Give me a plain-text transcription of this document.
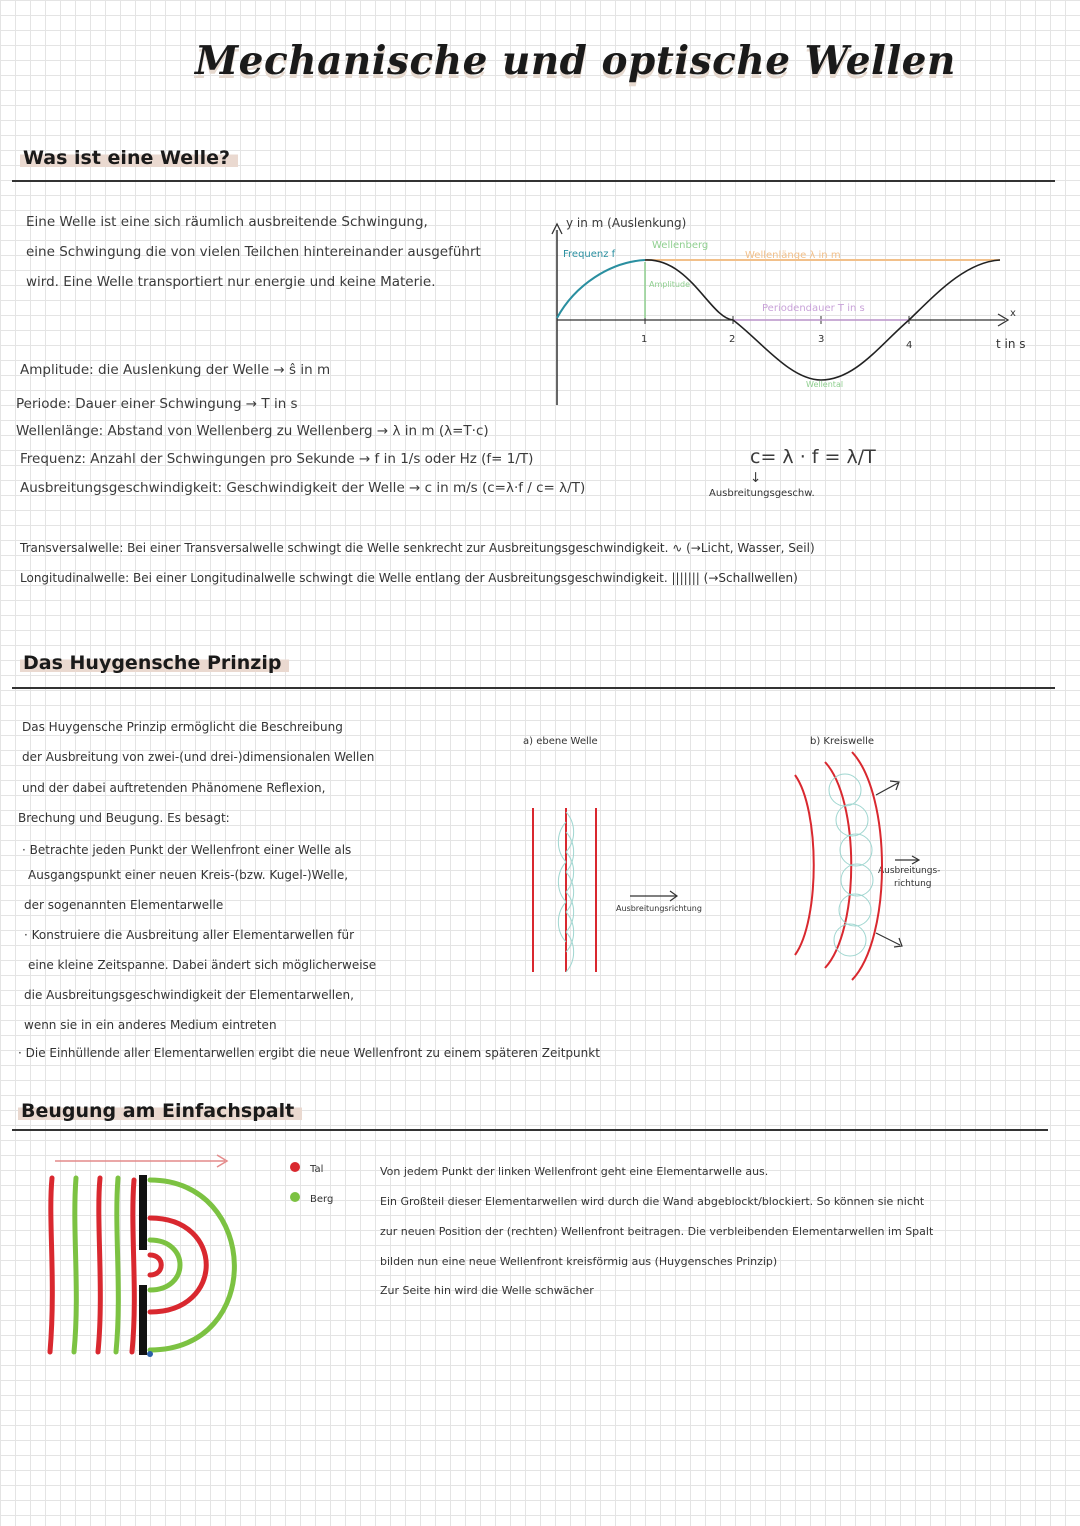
Mechanische und optische Wellen
Was ist eine Welle?
Eine Welle ist eine sich räumlich ausbreitende Schwingung,
eine Schwingung die von vielen Teilchen hintereinander ausgeführt
wird. Eine Welle transportiert nur energie und keine Materie.
Amplitude: die Auslenkung der Welle → ŝ in m
Periode: Dauer einer Schwingung → T in s
Wellenlänge: Abstand von Wellenberg zu Wellenberg → λ in m (λ=T·c)
Frequenz: Anzahl der Schwingungen pro Sekunde → f in 1/s oder Hz (f= 1/T)
Ausbreitungsgeschwindigkeit: Geschwindigkeit der Welle → c in m/s (c=λ·f / c= λ/T)
c= λ · f = λ/T
↓
Ausbreitungsgeschw.
Transversalwelle: Bei einer Transversalwelle schwingt die Welle senkrecht zur Ausbreitungsgeschwindigkeit. ∿ (→Licht, Wasser, Seil)
Longitudinalwelle: Bei einer Longitudinalwelle schwingt die Welle entlang der Ausbreitungsgeschwindigkeit. ||||||| (→Schallwellen)
y in m (Auslenkung)
t in s
x
1	2	3
4
Frequenz f
Wellenberg
Wellenlänge λ in m
Amplitude
Periodendauer T in s
Wellental
Das Huygensche Prinzip
Das Huygensche Prinzip ermöglicht die Beschreibung
der Ausbreitung von zwei-(und drei-)dimensionalen Wellen
und der dabei auftretenden Phänomene Reflexion,
Brechung und Beugung. Es besagt:
· Betrachte jeden Punkt der Wellenfront einer Welle als
Ausgangspunkt einer neuen Kreis-(bzw. Kugel-)Welle,
der sogenannten Elementarwelle
· Konstruiere die Ausbreitung aller Elementarwellen für
eine kleine Zeitspanne. Dabei ändert sich möglicherweise
die Ausbreitungsgeschwindigkeit der Elementarwellen,
wenn sie in ein anderes Medium eintreten
· Die Einhüllende aller Elementarwellen ergibt die neue Wellenfront zu einem späteren Zeitpunkt
a) ebene Welle
Ausbreitungsrichtung
b) Kreiswelle
Ausbreitungs-
richtung
Beugung am Einfachspalt
Tal
Berg
Von jedem Punkt der linken Wellenfront geht eine Elementarwelle aus.
Ein Großteil dieser Elementarwellen wird durch die Wand abgeblockt/blockiert. So können sie nicht
zur neuen Position der (rechten) Wellenfront beitragen. Die verbleibenden Elementarwellen im Spalt
bilden nun eine neue Wellenfront kreisförmig aus (Huygensches Prinzip)
Zur Seite hin wird die Welle schwächer
